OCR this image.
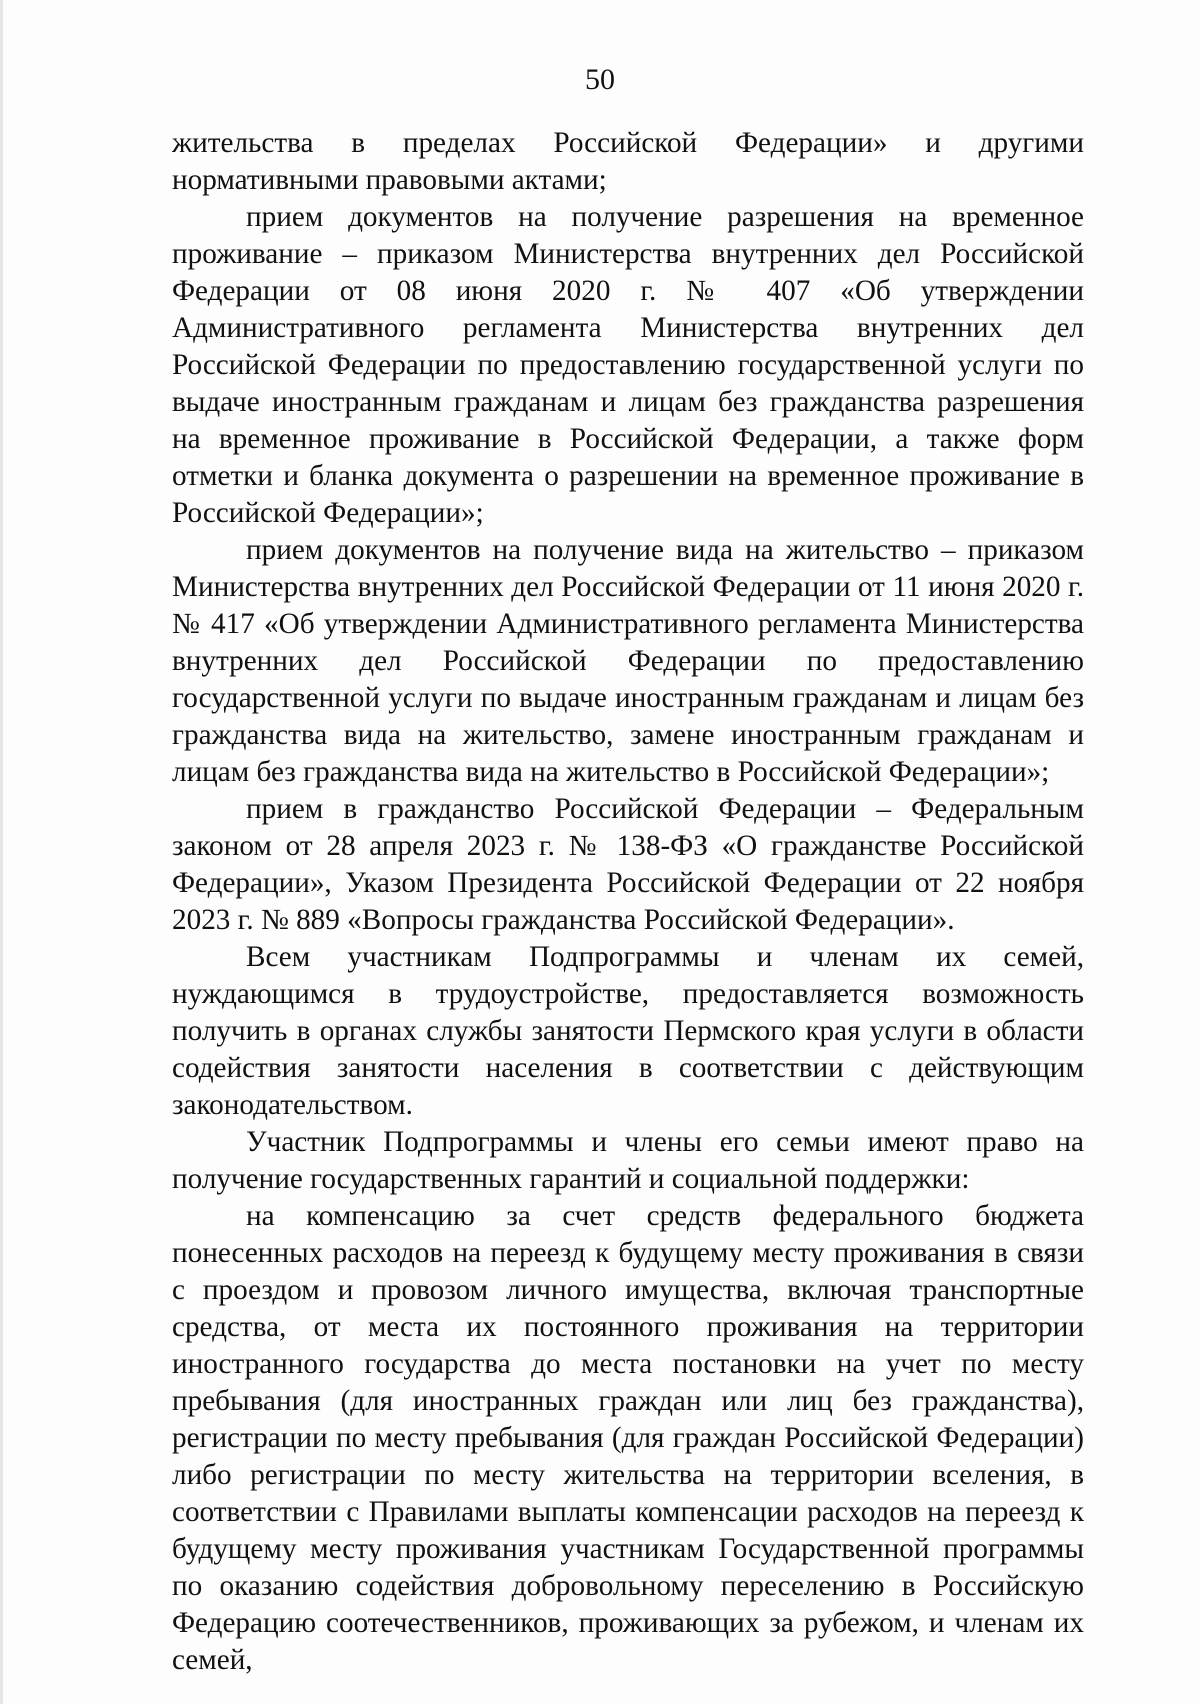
50

жительства в пределах Российской Федерации» и другими нормативными правовыми актами;

прием документов на получение разрешения на временное проживание – приказом Министерства внутренних дел Российской Федерации от 08 июня 2020 г. № 407 «Об утверждении Административного регламента Министерства внутренних дел Российской Федерации по предоставлению государственной услуги по выдаче иностранным гражданам и лицам без гражданства разрешения на временное проживание в Российской Федерации, а также форм отметки и бланка документа о разрешении на временное проживание в Российской Федерации»;

прием документов на получение вида на жительство – приказом Министерства внутренних дел Российской Федерации от 11 июня 2020 г. № 417 «Об утверждении Административного регламента Министерства внутренних дел Российской Федерации по предоставлению государственной услуги по выдаче иностранным гражданам и лицам без гражданства вида на жительство, замене иностранным гражданам и лицам без гражданства вида на жительство в Российской Федерации»;

прием в гражданство Российской Федерации – Федеральным законом от 28 апреля 2023 г. № 138-ФЗ «О гражданстве Российской Федерации», Указом Президента Российской Федерации от 22 ноября 2023 г. № 889 «Вопросы гражданства Российской Федерации».

Всем участникам Подпрограммы и членам их семей, нуждающимся в трудоустройстве, предоставляется возможность получить в органах службы занятости Пермского края услуги в области содействия занятости населения в соответствии с действующим законодательством.

Участник Подпрограммы и члены его семьи имеют право на получение государственных гарантий и социальной поддержки:

на компенсацию за счет средств федерального бюджета понесенных расходов на переезд к будущему месту проживания в связи с проездом и провозом личного имущества, включая транспортные средства, от места их постоянного проживания на территории иностранного государства до места постановки на учет по месту пребывания (для иностранных граждан или лиц без гражданства), регистрации по месту пребывания (для граждан Российской Федерации) либо регистрации по месту жительства на территории вселения, в соответствии с Правилами выплаты компенсации расходов на переезд к будущему месту проживания участникам Государственной программы по оказанию содействия добровольному переселению в Российскую Федерацию соотечественников, проживающих за рубежом, и членам их семей,
